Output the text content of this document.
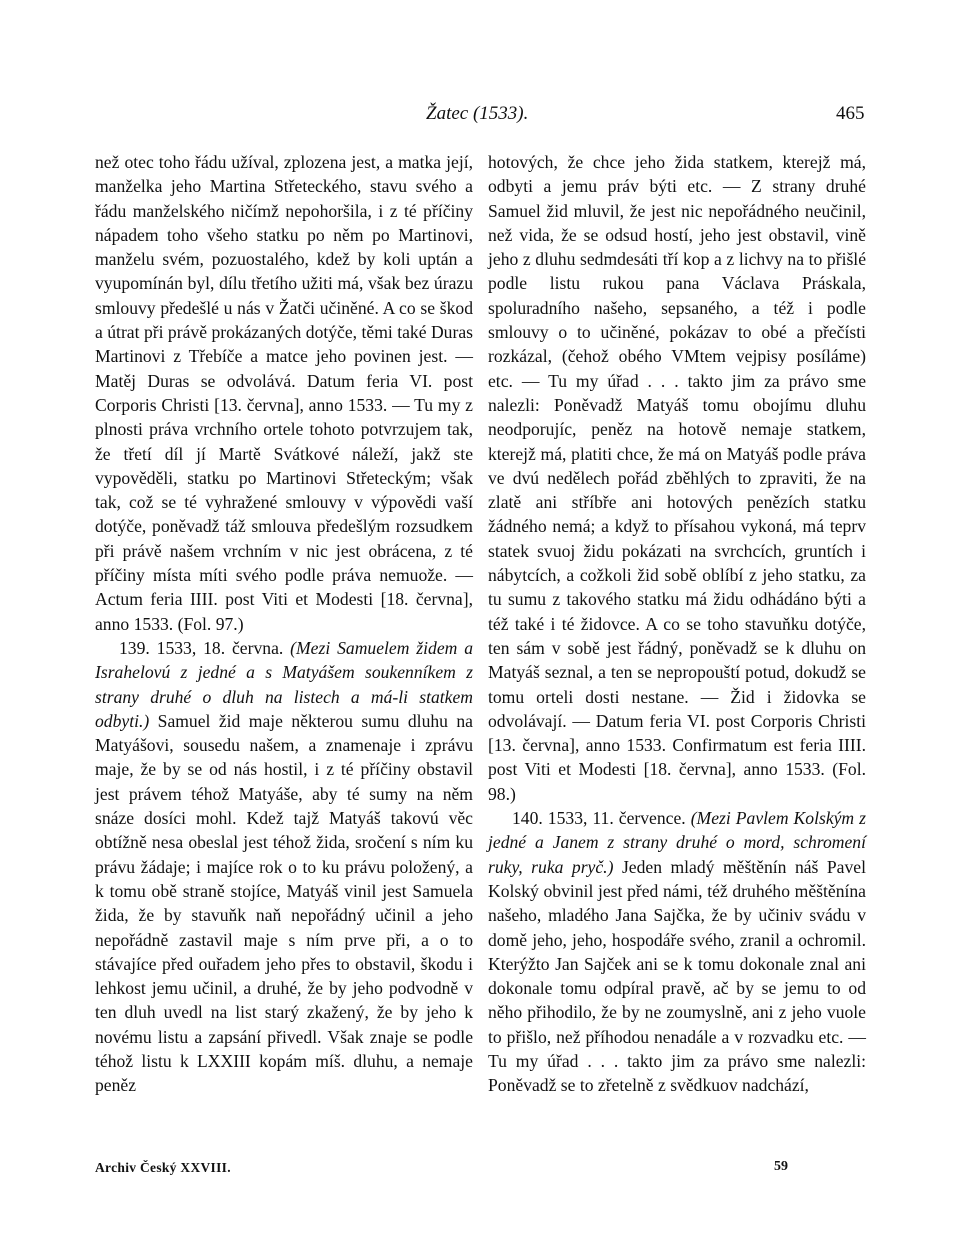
Žatec (1533).	465

než otec toho řádu užíval, zplozena jest, a matka její, manželka jeho Martina Střeteckého, stavu svého a řádu manželského ničímž nepohoršila, i z té příčiny nápadem toho všeho statku po něm po Martinovi, manželu svém, pozuostalého, kdež by koli uptán a vyupomínán byl, dílu třetího užiti má, však bez úrazu smlouvy předešlé u nás v Žatči učiněné. A co se škod a útrat při právě prokázaných dotýče, těmi také Duras Martinovi z Třebíče a matce jeho povinen jest. — Matěj Duras se odvolává. Datum feria VI. post Corporis Christi [13. června], anno 1533. — Tu my z plnosti práva vrchního ortele tohoto potvrzujem tak, že třetí díl jí Martě Svátkové náleží, jakž ste vypověděli, statku po Martinovi Střeteckým; však tak, což se té vyhražené smlouvy v výpovědi vaší dotýče, poněvadž táž smlouva předešlým rozsudkem při právě našem vrchním v nic jest obrácena, z té příčiny místa míti svého podle práva nemuože. — Actum feria IIII. post Viti et Modesti [18. června], anno 1533. (Fol. 97.)

139. 1533, 18. června. (Mezi Samuelem židem a Israhelovú z jedné a s Matyášem soukenníkem z strany druhé o dluh na listech a má-li statkem odbyti.) Samuel žid maje některou sumu dluhu na Matyášovi, sousedu našem, a znamenaje i zprávu maje, že by se od nás hostil, i z té příčiny obstavil jest právem téhož Matyáše, aby té sumy na něm snáze dosíci mohl. Kdež tajž Matyáš takovú věc obtížně nesa obeslal jest téhož žida, sročení s ním ku právu žádaje; i majíce rok o to ku právu položený, a k tomu obě straně stojíce, Matyáš vinil jest Samuela žida, že by stavuňk naň nepořádný učinil a jeho nepořádně zastavil maje s ním prve při, a o to stávajíce před ouřadem jeho přes to obstavil, škodu i lehkost jemu učinil, a druhé, že by jeho podvodně v ten dluh uvedl na list starý zkažený, že by jeho k novému listu a zapsání přivedl. Však znaje se podle téhož listu k LXXIII kopám míš. dluhu, a nemaje peněz

hotových, že chce jeho žida statkem, kterejž má, odbyti a jemu práv býti etc. — Z strany druhé Samuel žid mluvil, že jest nic nepořádného neučinil, než vida, že se odsud hostí, jeho jest obstavil, vině jeho z dluhu sedmdesáti tří kop a z lichvy na to přišlé podle listu rukou pana Václava Práskala, spoluradního našeho, sepsaného, a též i podle smlouvy o to učiněné, pokázav to obé a přečísti rozkázal, (čehož obého VMtem vejpisy posíláme) etc. — Tu my úřad . . . takto jim za právo sme nalezli: Poněvadž Matyáš tomu obojímu dluhu neodporujíc, peněz na hotově nemaje statkem, kterejž má, platiti chce, že má on Matyáš podle práva ve dvú nedělech pořád zběhlých to zpraviti, že na zlatě ani stříbře ani hotových penězích statku žádného nemá; a když to přísahou vykoná, má teprv statek svuoj židu pokázati na svrchcích, gruntích i nábytcích, a cožkoli žid sobě oblíbí z jeho statku, za tu sumu z takového statku má židu odhádáno býti a též také i té židovce. A co se toho stavuňku dotýče, ten sám v sobě jest řádný, poněvadž se k dluhu on Matyáš seznal, a ten se nepropouští potud, dokudž se tomu orteli dosti nestane. — Žid i židovka se odvolávají. — Datum feria VI. post Corporis Christi [13. června], anno 1533. Confirmatum est feria IIII. post Viti et Modesti [18. června], anno 1533. (Fol. 98.)

140. 1533, 11. července. (Mezi Pavlem Kolským z jedné a Janem z strany druhé o mord, schromení ruky, ruka pryč.) Jeden mladý měštěnín náš Pavel Kolský obvinil jest před námi, též druhého měštěnína našeho, mladého Jana Sajčka, že by učiniv svádu v domě jeho, jeho, hospodáře svého, zranil a ochromil. Kterýžto Jan Sajček ani se k tomu dokonale znal ani dokonale tomu odpíral pravě, ač by se jemu to od něho přihodilo, že by ne zoumyslně, ani z jeho vuole to přišlo, než příhodou nenadále a v rozvadku etc. — Tu my úřad . . . takto jim za právo sme nalezli: Poněvadž se to zřetelně z svědkuov nadchází,

Archiv Český XXVIII.	59
